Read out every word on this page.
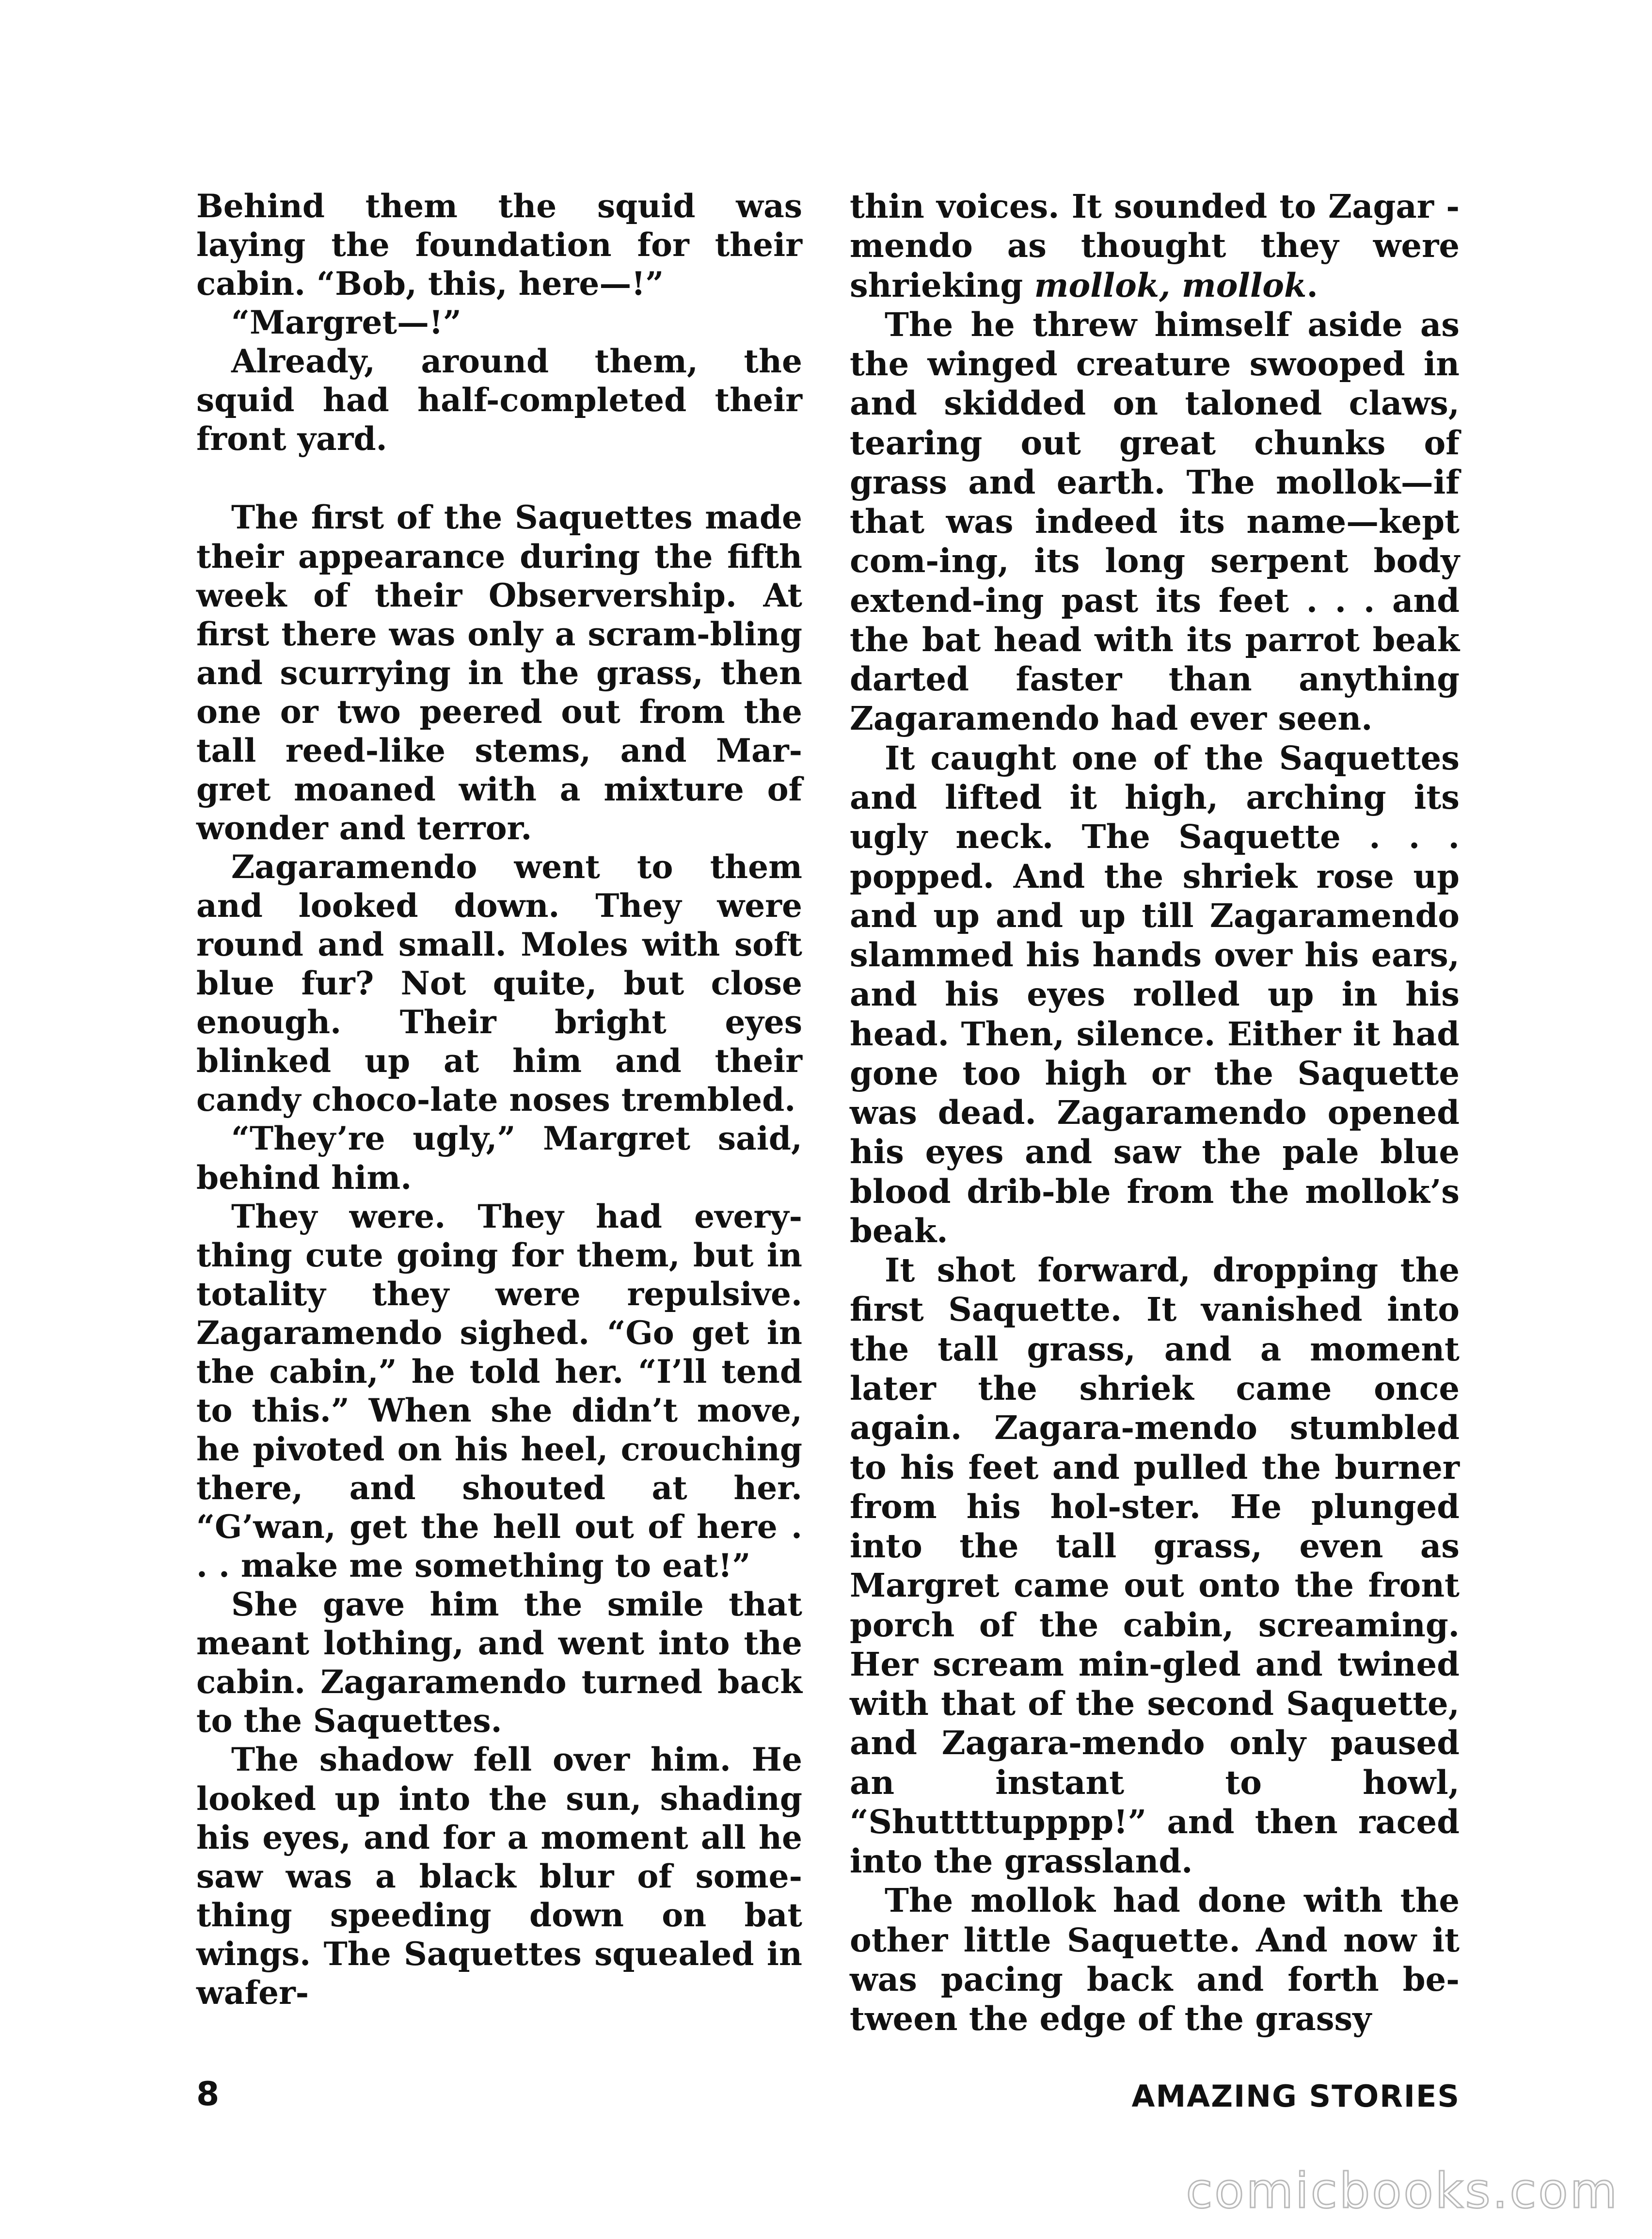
Behind them the squid was laying the foundation for their cabin. “Bob, this, here—!”

“Margret—!”

Already, around them, the squid had half-completed their front yard.

The first of the Saquettes made their appearance during the fifth week of their Observership. At first there was only a scram-bling and scurrying in the grass, then one or two peered out from the tall reed-like stems, and Mar-gret moaned with a mixture of wonder and terror.

Zagaramendo went to them and looked down. They were round and small. Moles with soft blue fur? Not quite, but close enough. Their bright eyes blinked up at him and their candy choco-late noses trembled.

“They’re ugly,” Margret said, behind him.

They were. They had every-thing cute going for them, but in totality they were repulsive. Zagaramendo sighed. “Go get in the cabin,” he told her. “I’ll tend to this.” When she didn’t move, he pivoted on his heel, crouching there, and shouted at her. “G’wan, get the hell out of here . . . make me something to eat!”

She gave him the smile that meant lothing, and went into the cabin. Zagaramendo turned back to the Saquettes.

The shadow fell over him. He looked up into the sun, shading his eyes, and for a moment all he saw was a black blur of some-thing speeding down on bat wings. The Saquettes squealed in wafer-

thin voices. It sounded to Zagar - mendo as thought they were shrieking mollok, mollok.

The he threw himself aside as the winged creature swooped in and skidded on taloned claws, tearing out great chunks of grass and earth. The mollok—if that was indeed its name—kept com-ing, its long serpent body extend-ing past its feet . . . and the bat head with its parrot beak darted faster than anything Zagaramendo had ever seen.

It caught one of the Saquettes and lifted it high, arching its ugly neck. The Saquette . . . popped. And the shriek rose up and up and up till Zagaramendo slammed his hands over his ears, and his eyes rolled up in his head. Then, silence. Either it had gone too high or the Saquette was dead. Zagaramendo opened his eyes and saw the pale blue blood drib-ble from the mollok’s beak.

It shot forward, dropping the first Saquette. It vanished into the tall grass, and a moment later the shriek came once again. Zagara-mendo stumbled to his feet and pulled the burner from his hol-ster. He plunged into the tall grass, even as Margret came out onto the front porch of the cabin, screaming. Her scream min-gled and twined with that of the second Saquette, and Zagara-mendo only paused an instant to howl, “Shuttttupppp!” and then raced into the grassland.

The mollok had done with the other little Saquette. And now it was pacing back and forth be-tween the edge of the grassy

8	AMAZING STORIES
comicbooks.com
